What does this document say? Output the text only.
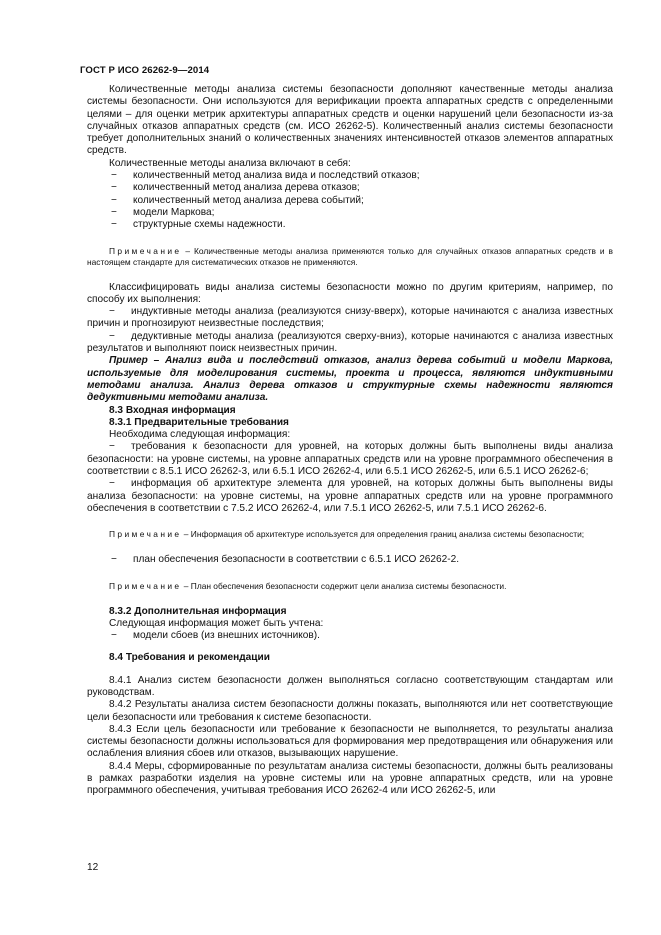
ГОСТ Р ИСО 26262-9—2014

Количественные методы анализа системы безопасности дополняют качественные методы анализа системы безопасности. Они используются для верификации проекта аппаратных средств с определенными целями – для оценки метрик архитектуры аппаратных средств и оценки нарушений цели безопасности из-за случайных отказов аппаратных средств (см. ИСО 26262-5). Количественный анализ системы безопасности требует дополнительных знаний о количественных значениях интенсивностей отказов элементов аппаратных средств.

Количественные методы анализа включают в себя:

− количественный метод анализа вида и последствий отказов;
− количественный метод анализа дерева отказов;
− количественный метод анализа дерева событий;
− модели Маркова;
− структурные схемы надежности.

Примечание – Количественные методы анализа применяются только для случайных отказов аппаратных средств и в настоящем стандарте для систематических отказов не применяются.

Классифицировать виды анализа системы безопасности можно по другим критериям, например, по способу их выполнения:

− индуктивные методы анализа (реализуются снизу-вверх), которые начинаются с анализа известных причин и прогнозируют неизвестные последствия;

− дедуктивные методы анализа (реализуются сверху-вниз), которые начинаются с анализа известных результатов и выполняют поиск неизвестных причин.

Пример – Анализ вида и последствий отказов, анализ дерева событий и модели Маркова, используемые для моделирования системы, проекта и процесса, являются индуктивными методами анализа. Анализ дерева отказов и структурные схемы надежности являются дедуктивными методами анализа.

8.3 Входная информация

8.3.1 Предварительные требования

Необходима следующая информация:

− требования к безопасности для уровней, на которых должны быть выполнены виды анализа безопасности: на уровне системы, на уровне аппаратных средств или на уровне программного обеспечения в соответствии с 8.5.1 ИСО 26262-3, или 6.5.1 ИСО 26262-4, или 6.5.1 ИСО 26262-5, или 6.5.1 ИСО 26262-6;

− информация об архитектуре элемента для уровней, на которых должны быть выполнены виды анализа безопасности: на уровне системы, на уровне аппаратных средств или на уровне программного обеспечения в соответствии с 7.5.2 ИСО 26262-4, или 7.5.1 ИСО 26262-5, или 7.5.1 ИСО 26262-6.

Примечание – Информация об архитектуре используется для определения границ анализа системы безопасности;

− план обеспечения безопасности в соответствии с 6.5.1 ИСО 26262-2.

Примечание – План обеспечения безопасности содержит цели анализа системы безопасности.

8.3.2 Дополнительная информация

Следующая информация может быть учтена:

− модели сбоев (из внешних источников).

8.4 Требования и рекомендации

8.4.1 Анализ систем безопасности должен выполняться согласно соответствующим стандартам или руководствам.

8.4.2 Результаты анализа систем безопасности должны показать, выполняются или нет соответствующие цели безопасности или требования к системе безопасности.

8.4.3 Если цель безопасности или требование к безопасности не выполняется, то результаты анализа системы безопасности должны использоваться для формирования мер предотвращения или обнаружения или ослабления влияния сбоев или отказов, вызывающих нарушение.

8.4.4 Меры, сформированные по результатам анализа системы безопасности, должны быть реализованы в рамках разработки изделия на уровне системы или на уровне аппаратных средств, или на уровне программного обеспечения, учитывая требования ИСО 26262-4 или ИСО 26262-5, или

12
